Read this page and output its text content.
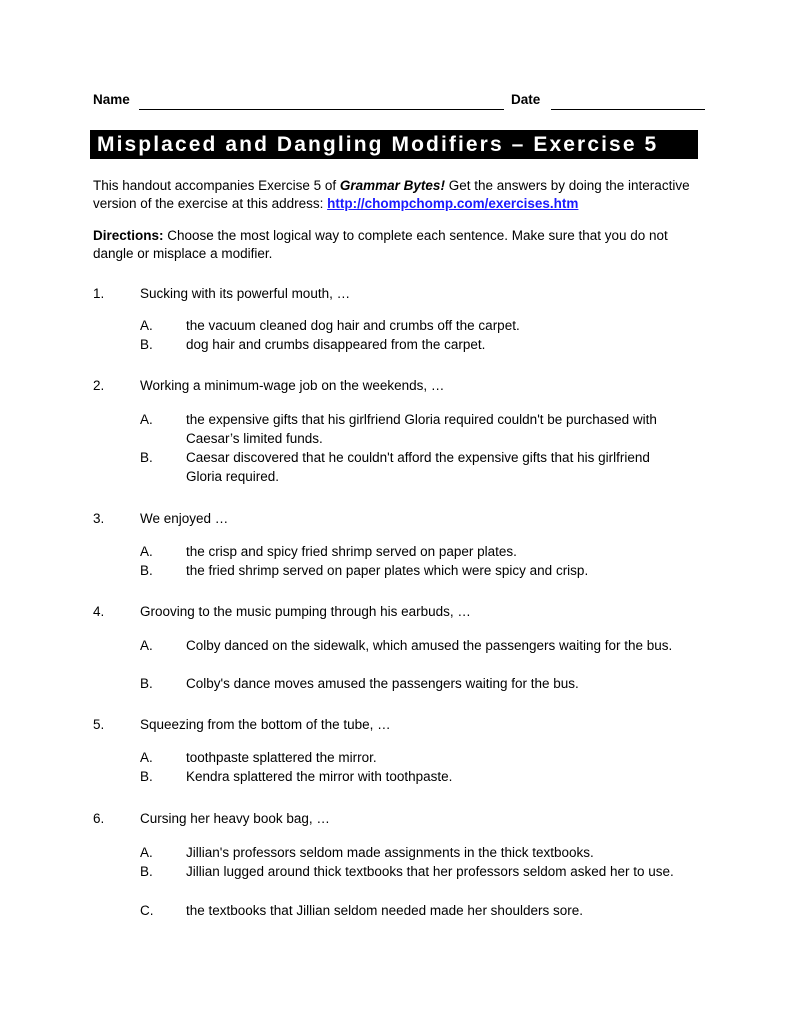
Name	Date
Misplaced and Dangling Modifiers – Exercise 5
This handout accompanies Exercise 5 of Grammar Bytes! Get the answers by doing the interactive version of the exercise at this address: http://chompchomp.com/exercises.htm
Directions: Choose the most logical way to complete each sentence. Make sure that you do not dangle or misplace a modifier.
1.	Sucking with its powerful mouth, …
A. the vacuum cleaned dog hair and crumbs off the carpet.
B. dog hair and crumbs disappeared from the carpet.
2.	Working a minimum-wage job on the weekends, …
A. the expensive gifts that his girlfriend Gloria required couldn't be purchased with Caesar’s limited funds.
B. Caesar discovered that he couldn't afford the expensive gifts that his girlfriend Gloria required.
3.	We enjoyed …
A. the crisp and spicy fried shrimp served on paper plates.
B. the fried shrimp served on paper plates which were spicy and crisp.
4.	Grooving to the music pumping through his earbuds, …
A. Colby danced on the sidewalk, which amused the passengers waiting for the bus.
B. Colby's dance moves amused the passengers waiting for the bus.
5.	Squeezing from the bottom of the tube, …
A. toothpaste splattered the mirror.
B. Kendra splattered the mirror with toothpaste.
6.	Cursing her heavy book bag, …
A. Jillian's professors seldom made assignments in the thick textbooks.
B. Jillian lugged around thick textbooks that her professors seldom asked her to use.
C. the textbooks that Jillian seldom needed made her shoulders sore.
